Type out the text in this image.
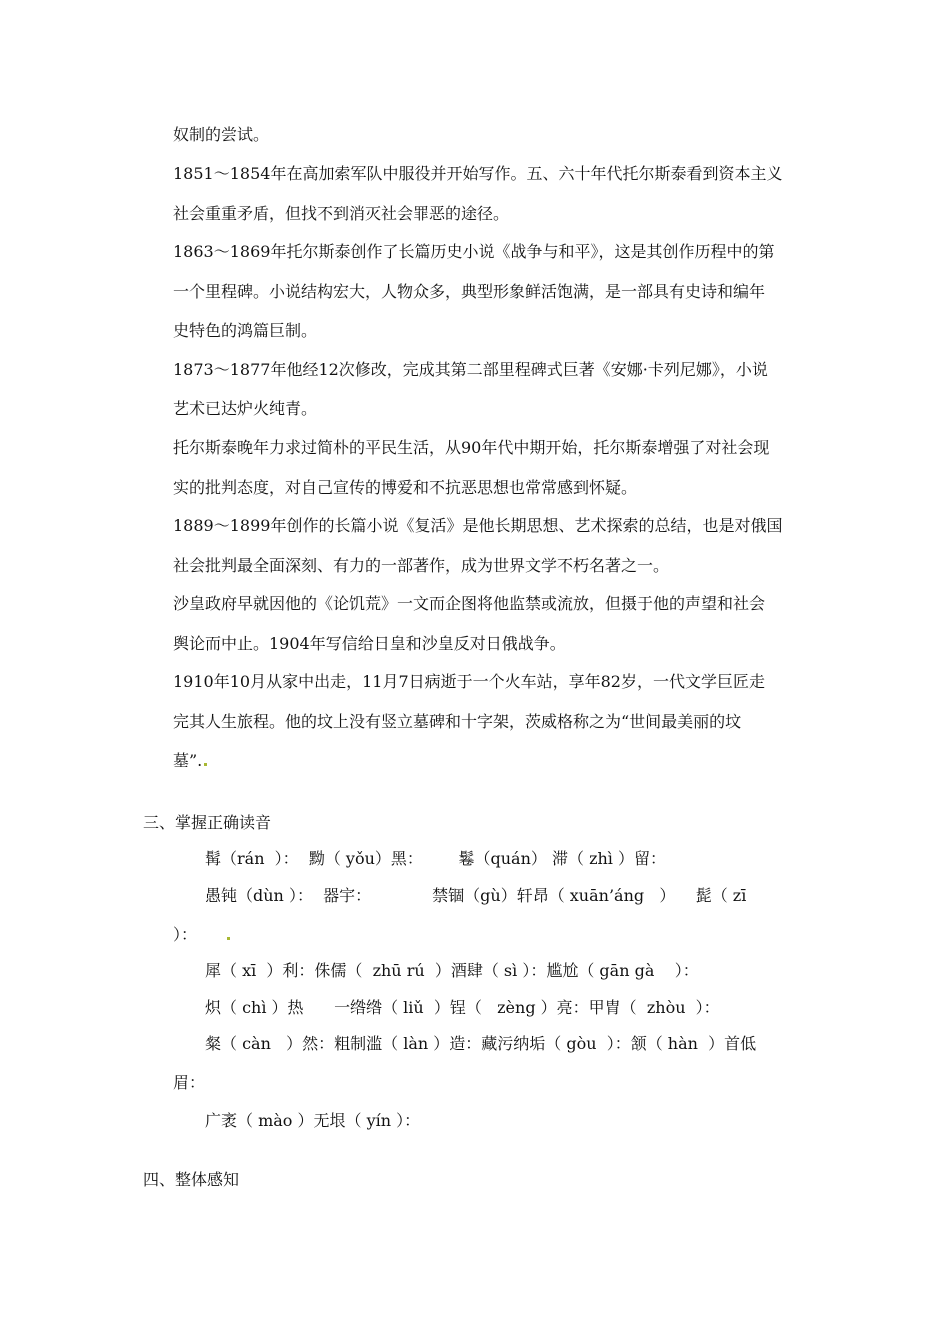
奴制的尝试。
1851～1854年在高加索军队中服役并开始写作。五、六十年代托尔斯泰看到资本主义
社会重重矛盾，但找不到消灭社会罪恶的途径。
1863～1869年托尔斯泰创作了长篇历史小说《战争与和平》，这是其创作历程中的第
一个里程碑。小说结构宏大，人物众多，典型形象鲜活饱满，是一部具有史诗和编年
史特色的鸿篇巨制。
1873～1877年他经12次修改，完成其第二部里程碑式巨著《安娜·卡列尼娜》，小说
艺术已达炉火纯青。
托尔斯泰晚年力求过简朴的平民生活，从90年代中期开始，托尔斯泰增强了对社会现
实的批判态度，对自己宣传的博爱和不抗恶思想也常常感到怀疑。
1889～1899年创作的长篇小说《复活》是他长期思想、艺术探索的总结，也是对俄国
社会批判最全面深刻、有力的一部著作，成为世界文学不朽名著之一。
沙皇政府早就因他的《论饥荒》一文而企图将他监禁或流放，但摄于他的声望和社会
舆论而中止。1904年写信给日皇和沙皇反对日俄战争。
1910年10月从家中出走，11月7日病逝于一个火车站，享年82岁，一代文学巨匠走
完其人生旅程。他的坟上没有竖立墓碑和十字架，茨威格称之为“世间最美丽的坟
墓”.
三、掌握正确读音
髯（rán  ）：  黝（ yǒu）黑：       鬈（quán） 滞（ zhì ）留：
愚钝（dùn ）：  器宇：            禁锢（gù）轩昂（ xuān’áng   ）    髭（ zī
）：
犀（ xī  ）利：侏儒（  zhū rú  ）酒肆（ sì ）：尴尬（ gān gà    ）：
炽（ chì ）热      一绺绺（ liǔ  ）锃（   zèng ）亮：甲胄（  zhòu  ）：
粲（ càn   ）然：粗制滥（ làn ）造：藏污纳垢（ gòu  ）：颔（ hàn  ）首低
眉：
广袤（ mào ）无垠（ yín ）：
四、整体感知
